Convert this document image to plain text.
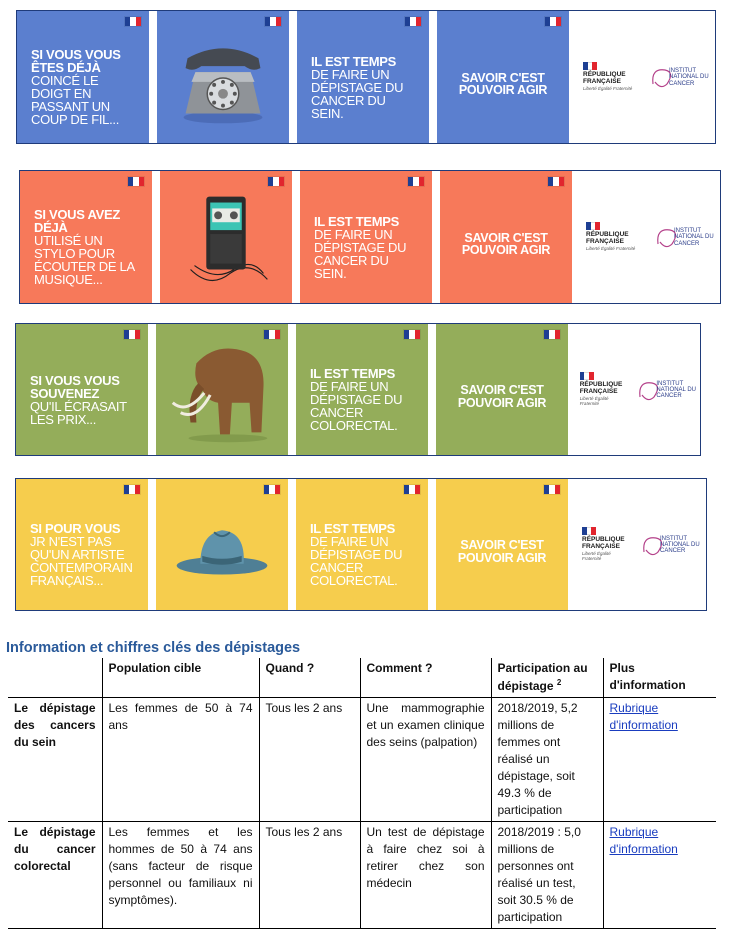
SI VOUS VOUS ÊTES DÉJÀ
COINCÉ LE DOIGT EN PASSANT UN COUP DE FIL...
IL EST TEMPS
DE FAIRE UN DÉPISTAGE DU CANCER DU SEIN.
SAVOIR C'EST POUVOIR AGIR
RÉPUBLIQUE FRANÇAISE
Liberté Égalité Fraternité
INSTITUT NATIONAL DU CANCER
SI VOUS AVEZ DÉJÀ
UTILISÉ UN STYLO POUR ÉCOUTER DE LA MUSIQUE...
IL EST TEMPS
DE FAIRE UN DÉPISTAGE DU CANCER DU SEIN.
SAVOIR C'EST POUVOIR AGIR
RÉPUBLIQUE FRANÇAISE
Liberté Égalité Fraternité
INSTITUT NATIONAL DU CANCER
SI VOUS VOUS SOUVENEZ
QU'IL ÉCRASAIT LES PRIX...
IL EST TEMPS
DE FAIRE UN DÉPISTAGE DU CANCER COLORECTAL.
SAVOIR C'EST POUVOIR AGIR
RÉPUBLIQUE FRANÇAISE
Liberté Égalité Fraternité
INSTITUT NATIONAL DU CANCER
SI POUR VOUS
JR N'EST PAS QU'UN ARTISTE CONTEMPORAIN FRANÇAIS...
IL EST TEMPS
DE FAIRE UN DÉPISTAGE DU CANCER COLORECTAL.
SAVOIR C'EST POUVOIR AGIR
RÉPUBLIQUE FRANÇAISE
Liberté Égalité Fraternité
INSTITUT NATIONAL DU CANCER
Information et chiffres clés des dépistages
	Population cible	Quand ?	Comment ?	Participation au dépistage $^2$	Plus d'information
Le dépistage des cancers du sein	Les femmes de 50 à 74 ans	Tous les 2 ans	Une mammographie et un examen clinique des seins (palpation)	2018/2019, 5,2 millions de femmes ont réalisé un dépistage, soit 49.3 % de participation	Rubrique d'information
Le dépistage du cancer colorectal	Les femmes et les hommes de 50 à 74 ans (sans facteur de risque personnel ou familiaux ni symptômes).	Tous les 2 ans	Un test de dépistage à faire chez soi à retirer chez son médecin	2018/2019 : 5,0 millions de personnes ont réalisé un test, soit 30.5 % de participation	Rubrique d'information
